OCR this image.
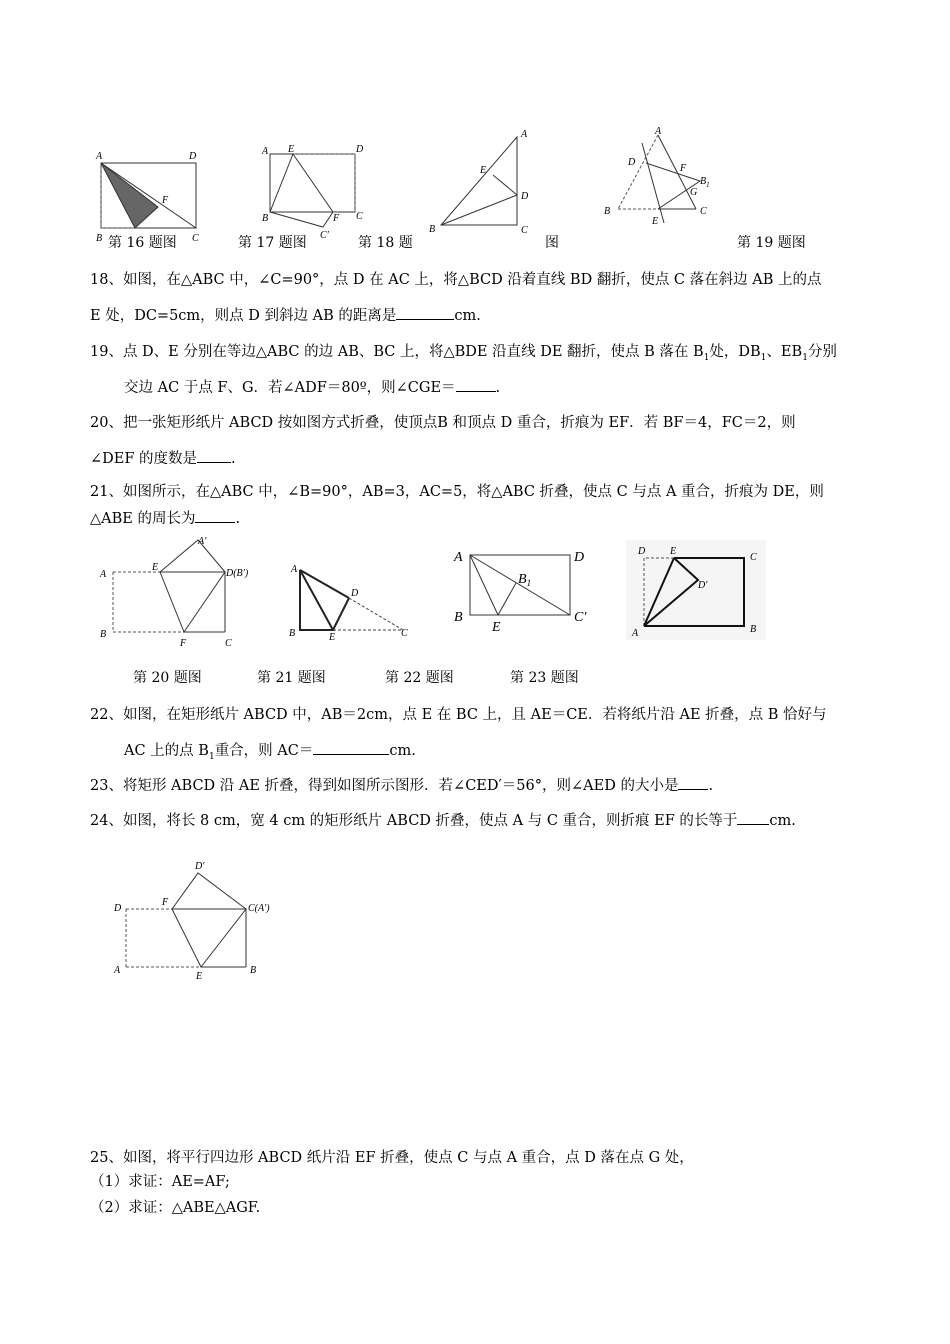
A	D
F
B	C
第 16 题图
A E	D
B	F C
C′
第 17 题图
A
E
D
B	C
第 18 题	图
A
D
F
$B_1$
G
B
E
C
第 19 题图
18、如图，在△ABC 中，∠C=90°，点 D 在 AC 上，将△BCD 沿着直线 BD 翻折，使点 C 落在斜边 AB 上的点
E 处，DC=5cm，则点 D 到斜边 AB 的距离是	cm.
19、点 D、E 分别在等边△ABC 的边 AB、BC 上，将△BDE 沿直线 DE 翻折，使点 B 落在 $B_1$处，$DB_1$、$EB_1$分别
交边 AC 于点 F、G．若∠ADF＝80º，则∠CGE＝	.
20、把一张矩形纸片 ABCD 按如图方式折叠，使顶点B 和顶点 D 重合，折痕为 EF．若 BF＝4，FC＝2，则
∠DEF 的度数是 .
21、如图所示，在△ABC 中，∠B=90°，AB=3，AC=5，将△ABC 折叠，使点 C 与点 A 重合，折痕为 DE，则
△ABE 的周长为	.
A′
A
E
D(B′)
B
F	C
A
D
B	E	C
A	D
$B_1$
B	C′
E
D E
C
D′
A	B
第 20 题图	第 21 题图	第 22 题图	第 23 题图
22、如图，在矩形纸片 ABCD 中，AB＝2cm，点 E 在 BC 上，且 AE＝CE．若将纸片沿 AE 折叠，点 B 恰好与
AC 上的点 $B_1$重合，则 AC＝	cm.
23、将矩形 ABCD 沿 AE 折叠，得到如图所示图形．若∠CED′＝56°，则∠AED 的大小是 .
24、如图，将长 8 cm，宽 4 cm 的矩形纸片 ABCD 折叠，使点 A 与 C 重合，则折痕 EF 的长等于 cm.
D′
F
D	C(A′)
A
E
B
25、如图，将平行四边形 ABCD 纸片沿 EF 折叠，使点 C 与点 A 重合，点 D 落在点 G 处，
（1）求证：AE=AF;
（2）求证：△ABE△AGF.
